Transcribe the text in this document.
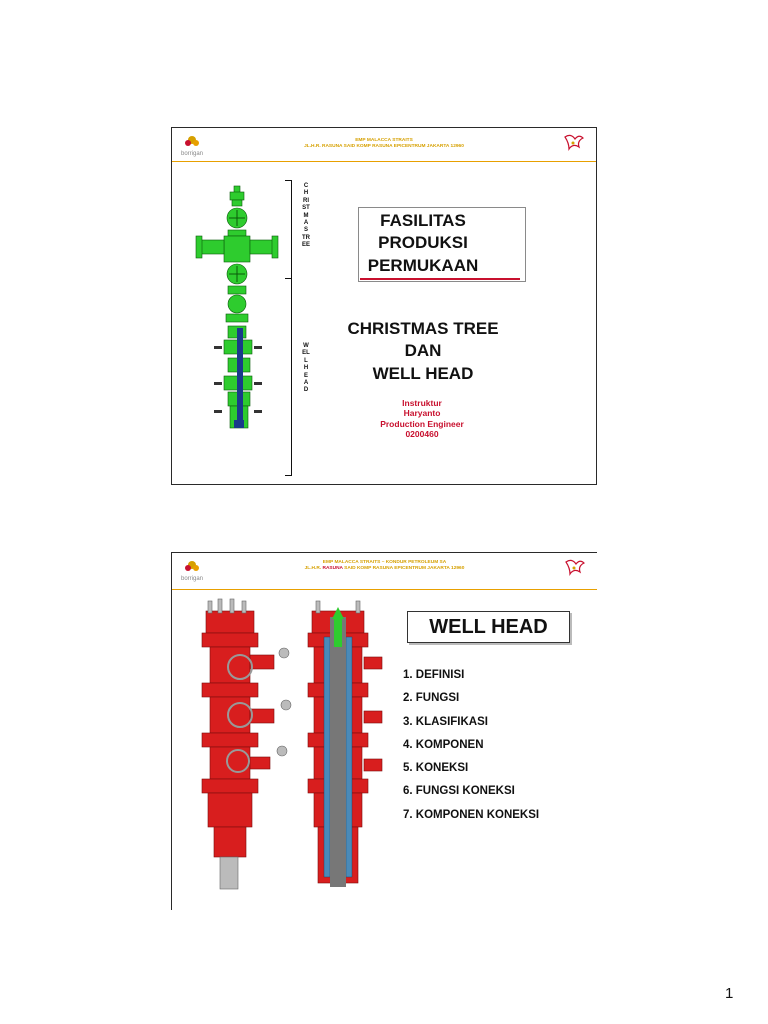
EMP MALACCA STRAITS
JL.H.R. RASUNA SAID KOMP RASUNA EPICENTRUM JAKARTA 12960
borrigan
CHRISTMAS TREE
WELL HEAD
FASILITAS
PRODUKSI
PERMUKAAN
CHRISTMAS TREE
DAN
WELL HEAD
Instruktur
Haryanto
Production Engineer
0200460
EMP MALACCA STRAITS – KONDUR PETROLEUM SA
JL.H.R. RASUNA SAID KOMP RASUNA EPICENTRUM JAKARTA 12960
borrigan
WELL HEAD
1. DEFINISI
2. FUNGSI
3. KLASIFIKASI
4. KOMPONEN
5. KONEKSI
6. FUNGSI KONEKSI
7. KOMPONEN KONEKSI
1
